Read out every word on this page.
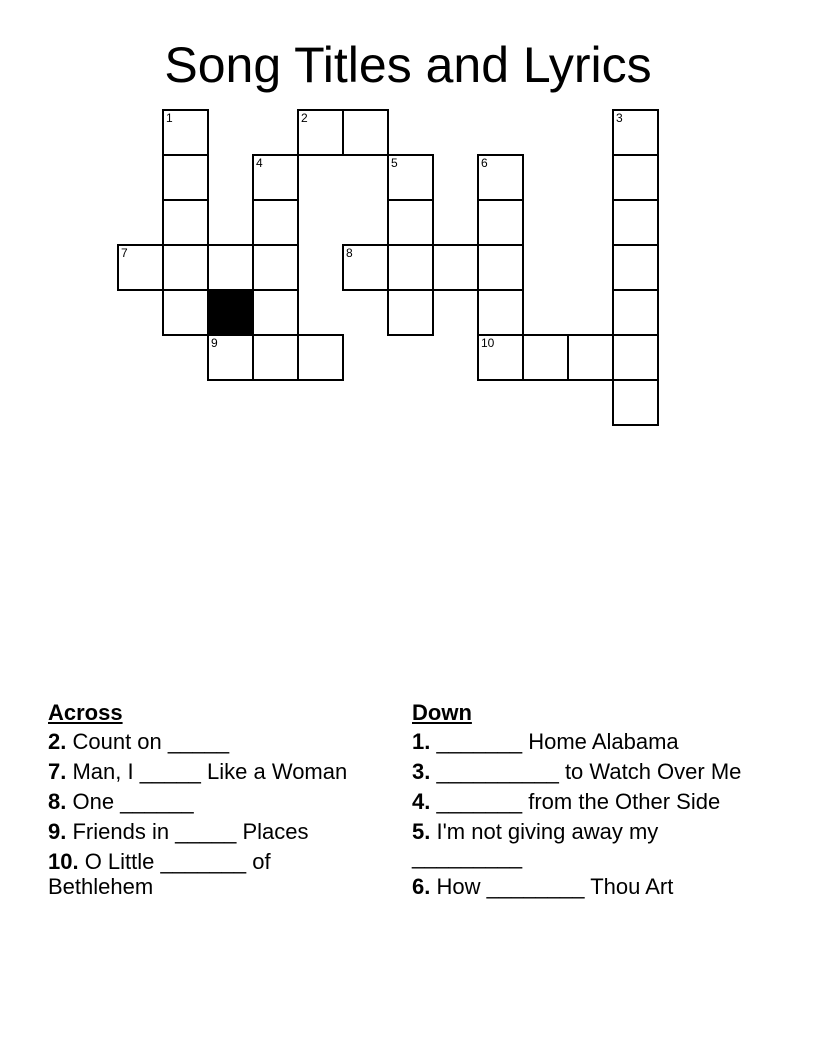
Song Titles and Lyrics
1	2	3
4	5	6
7	8
9	10
Across
2. Count on _____
7. Man, I _____ Like a Woman
8. One ______
9. Friends in _____ Places
10. O Little _______ of Bethlehem
Down
1. _______ Home Alabama
3. __________ to Watch Over Me
4. _______ from the Other Side
5. I'm not giving away my _________
6. How ________ Thou Art
